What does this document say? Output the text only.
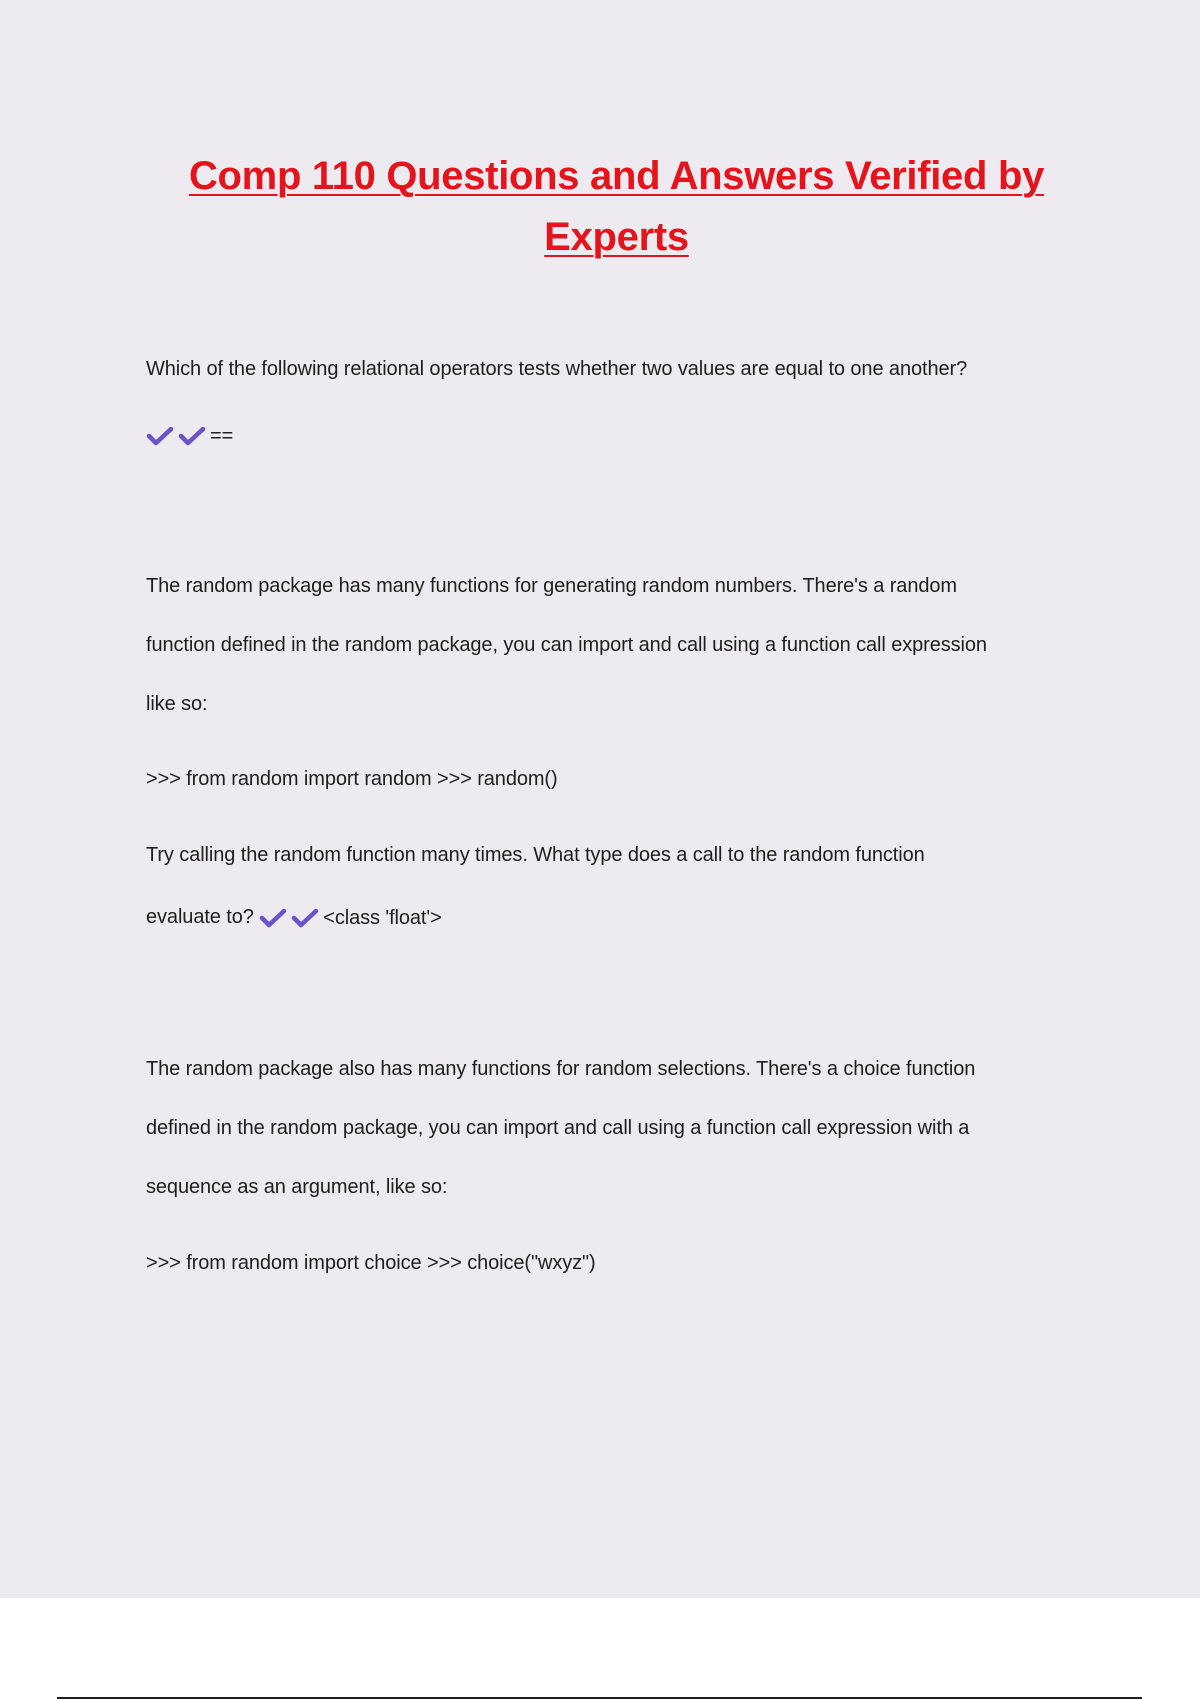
Comp 110 Questions and Answers Verified by
Experts

Which of the following relational operators tests whether two values are equal to one another?

==

The random package has many functions for generating random numbers. There's a random
function defined in the random package, you can import and call using a function call expression
like so:

>>> from random import random >>> random()

Try calling the random function many times. What type does a call to the random function

evaluate to?	<class 'float'>

The random package also has many functions for random selections. There's a choice function
defined in the random package, you can import and call using a function call expression with a
sequence as an argument, like so:

>>> from random import choice >>> choice("wxyz")
